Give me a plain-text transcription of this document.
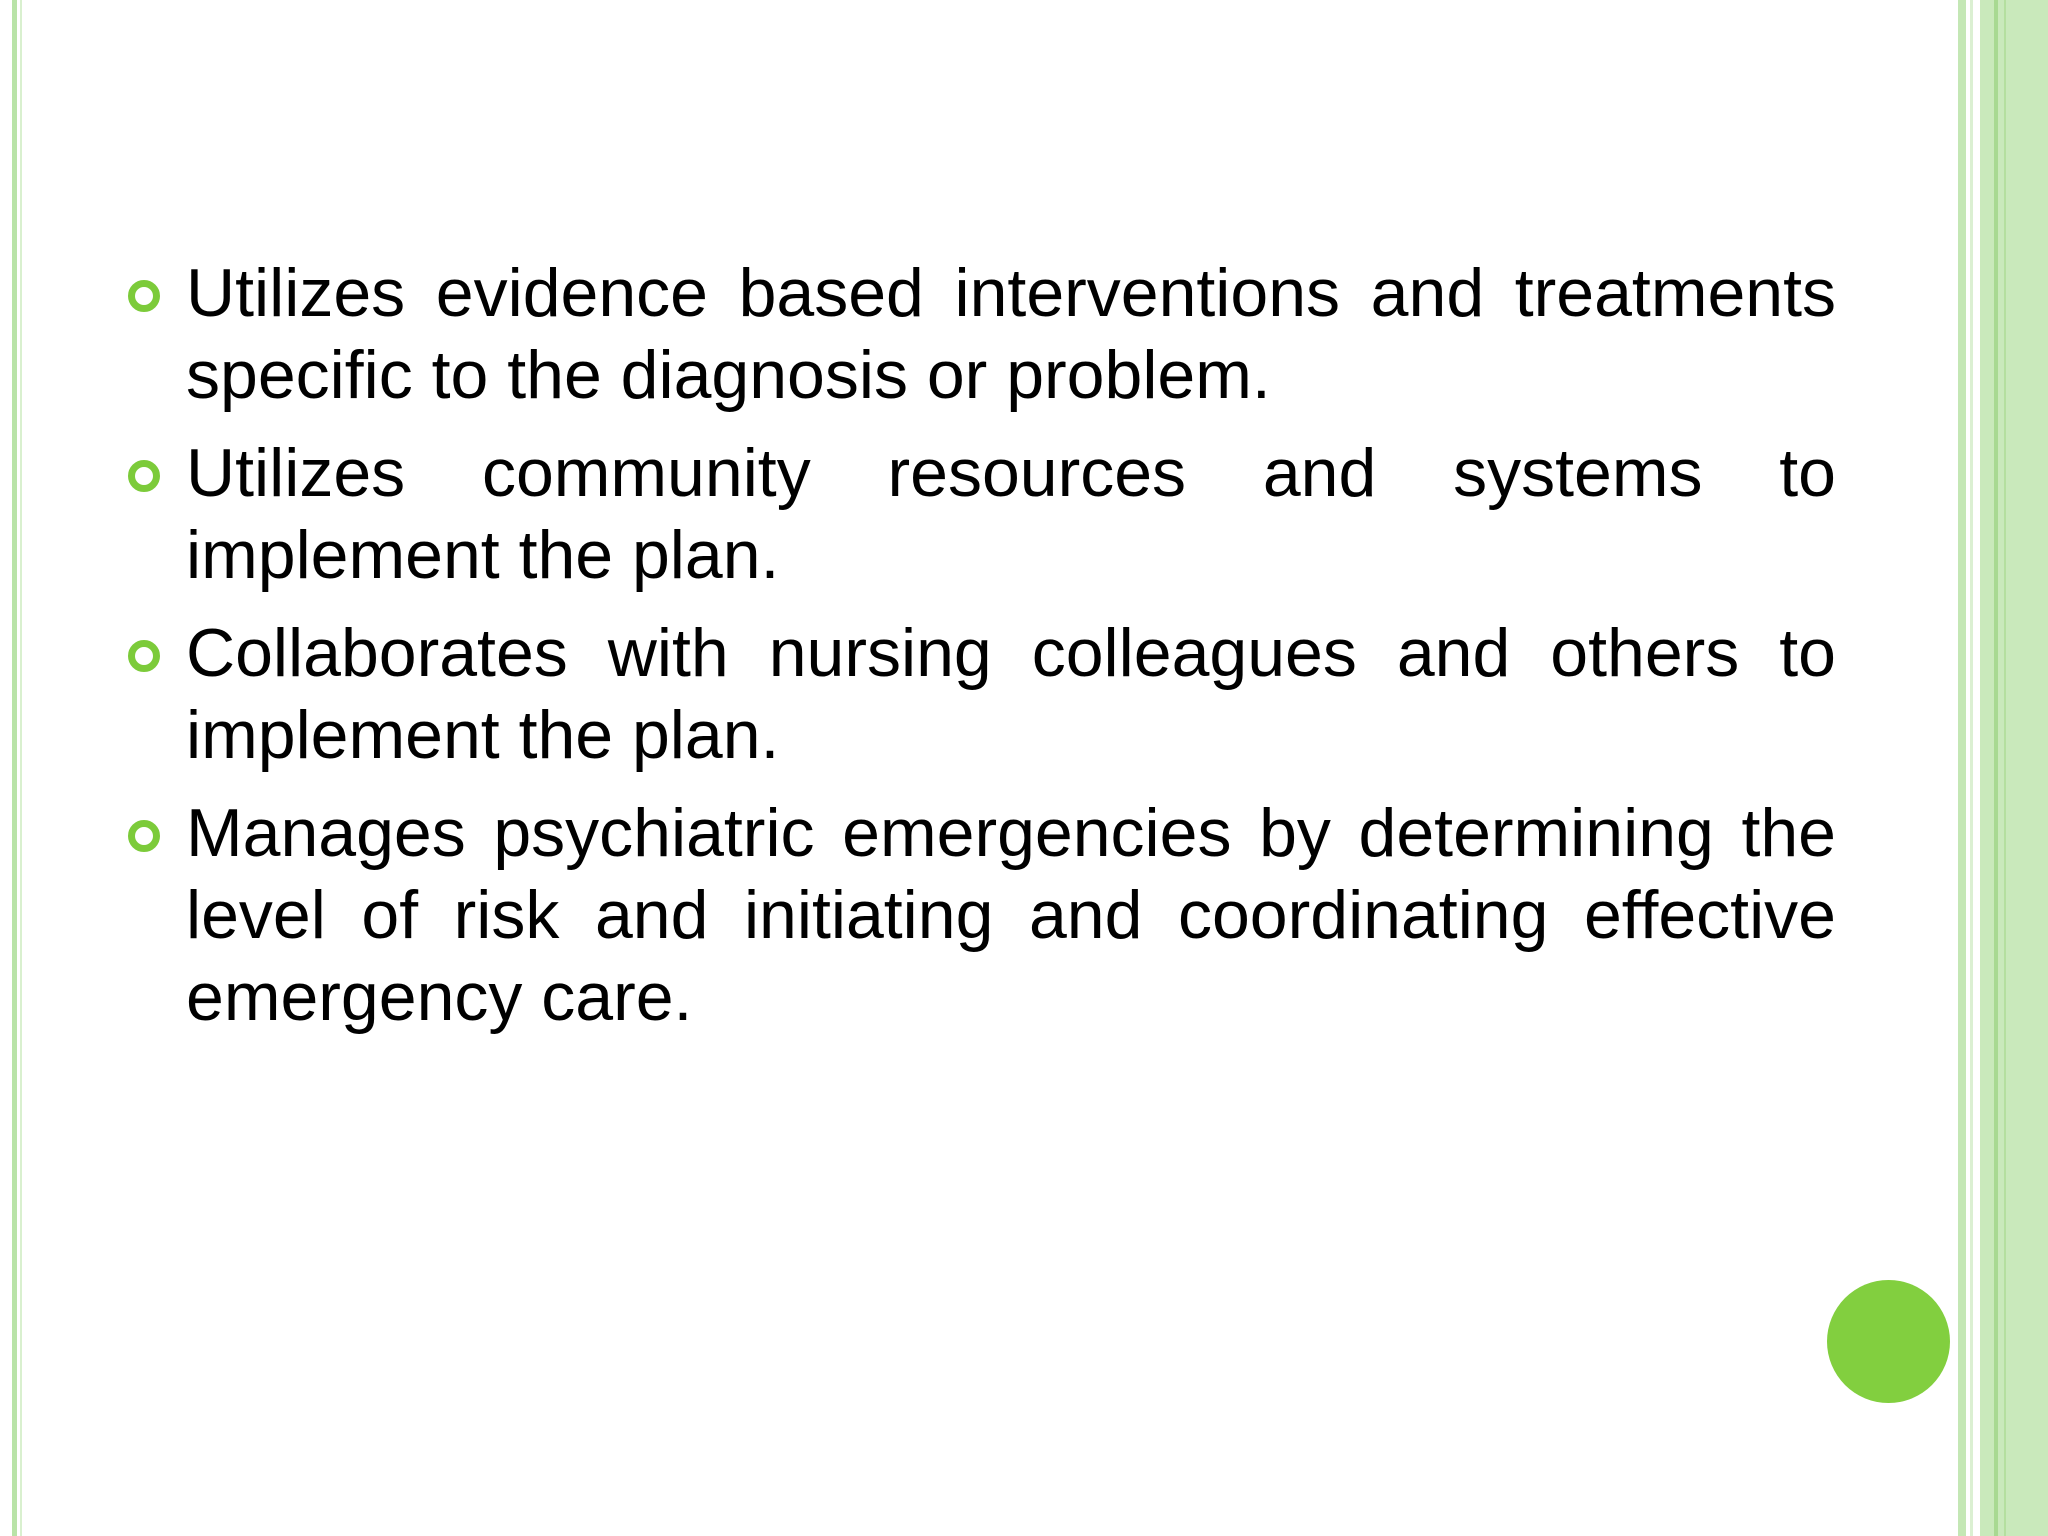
Utilizes evidence based interventions and treatments specific to the diagnosis or problem.
Utilizes community resources and systems to implement the plan.
Collaborates with nursing colleagues and others to implement the plan.
Manages psychiatric emergencies by determining the level of risk and initiating and coordinating effective emergency care.
